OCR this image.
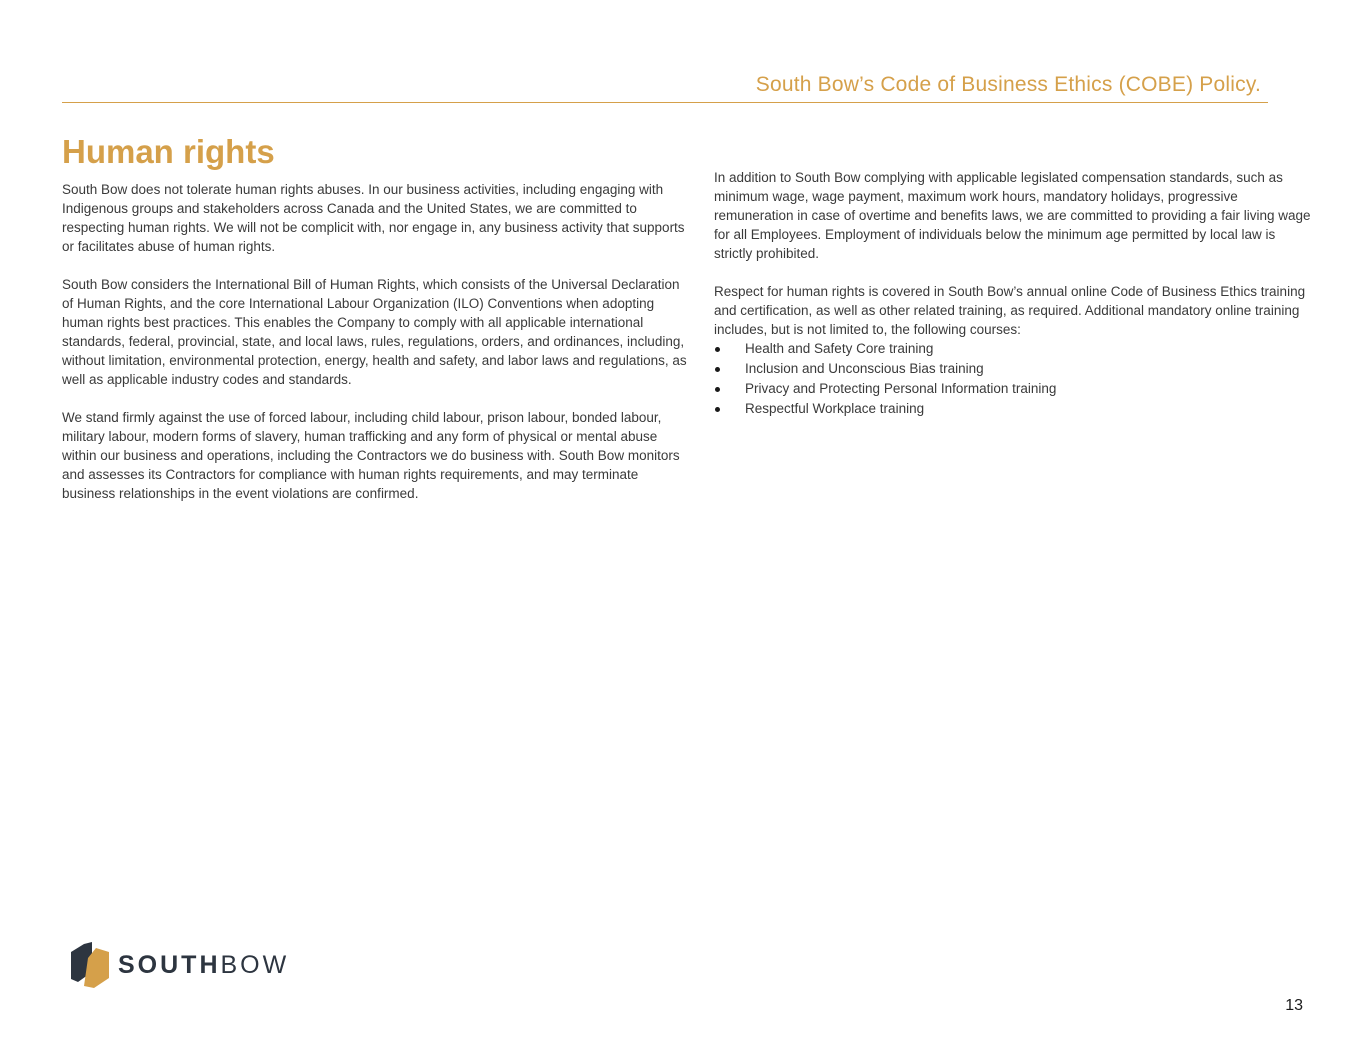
South Bow’s Code of Business Ethics (COBE) Policy.
Human rights

South Bow does not tolerate human rights abuses. In our business activities, including engaging with Indigenous groups and stakeholders across Canada and the United States, we are committed to respecting human rights. We will not be complicit with, nor engage in, any business activity that supports or facilitates abuse of human rights.

South Bow considers the International Bill of Human Rights, which consists of the Universal Declaration of Human Rights, and the core International Labour Organization (ILO) Conventions when adopting human rights best practices. This enables the Company to comply with all applicable international standards, federal, provincial, state, and local laws, rules, regulations, orders, and ordinances, including, without limitation, environmental protection, energy, health and safety, and labor laws and regulations, as well as applicable industry codes and standards.

We stand firmly against the use of forced labour, including child labour, prison labour, bonded labour, military labour, modern forms of slavery, human trafficking and any form of physical or mental abuse within our business and operations, including the Contractors we do business with. South Bow monitors and assesses its Contractors for compliance with human rights requirements, and may terminate business relationships in the event violations are confirmed.

In addition to South Bow complying with applicable legislated compensation standards, such as minimum wage, wage payment, maximum work hours, mandatory holidays, progressive remuneration in case of overtime and benefits laws, we are committed to providing a fair living wage for all Employees. Employment of individuals below the minimum age permitted by local law is strictly prohibited.

Respect for human rights is covered in South Bow’s annual online Code of Business Ethics training and certification, as well as other related training, as required. Additional mandatory online training includes, but is not limited to, the following courses:

Health and Safety Core training
Inclusion and Unconscious Bias training
Privacy and Protecting Personal Information training
Respectful Workplace training
SOUTHBOW
13
